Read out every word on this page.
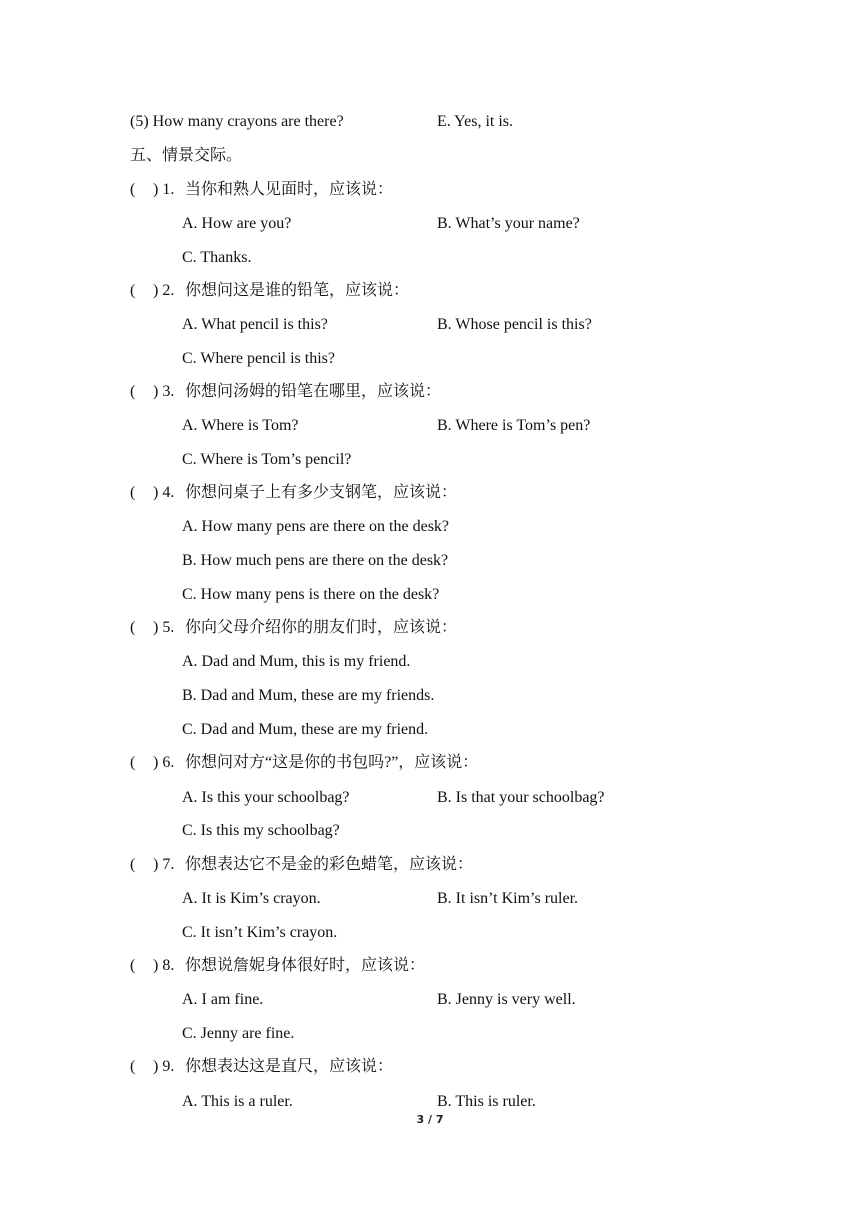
(5) How many crayons are there?	E. Yes, it is.
五、情景交际。
( ) 1. 当你和熟人见面时，应该说：
A. How are you?	B. What’s your name?
C. Thanks.
( ) 2. 你想问这是谁的铅笔，应该说：
A. What pencil is this?	B. Whose pencil is this?
C. Where pencil is this?
( ) 3. 你想问汤姆的铅笔在哪里，应该说：
A. Where is Tom?	B. Where is Tom’s pen?
C. Where is Tom’s pencil?
( ) 4. 你想问桌子上有多少支钢笔，应该说：
A. How many pens are there on the desk?
B. How much pens are there on the desk?
C. How many pens is there on the desk?
( ) 5. 你向父母介绍你的朋友们时，应该说：
A. Dad and Mum, this is my friend.
B. Dad and Mum, these are my friends.
C. Dad and Mum, these are my friend.
( ) 6. 你想问对方“这是你的书包吗?”，应该说：
A. Is this your schoolbag?	B. Is that your schoolbag?
C. Is this my schoolbag?
( ) 7. 你想表达它不是金的彩色蜡笔，应该说：
A. It is Kim’s crayon.	B. It isn’t Kim’s ruler.
C. It isn’t Kim’s crayon.
( ) 8. 你想说詹妮身体很好时，应该说：
A. I am fine.	B. Jenny is very well.
C. Jenny are fine.
( ) 9. 你想表达这是直尺，应该说：
A. This is a ruler.	B. This is ruler.
3 / 7
